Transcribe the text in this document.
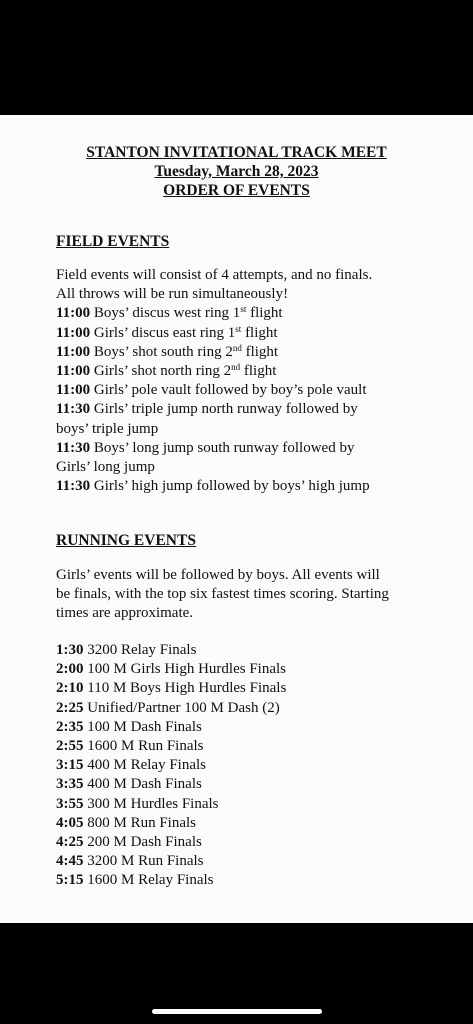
STANTON INVITATIONAL TRACK MEET
Tuesday, March 28, 2023
ORDER OF EVENTS
FIELD EVENTS
Field events will consist of 4 attempts, and no finals.
All throws will be run simultaneously!
11:00 Boys’ discus west ring 1st flight
11:00 Girls’ discus east ring 1st flight
11:00 Boys’ shot south ring 2nd flight
11:00 Girls’ shot north ring 2nd flight
11:00 Girls’ pole vault followed by boy’s pole vault
11:30 Girls’ triple jump north runway followed by
boys’ triple jump
11:30 Boys’ long jump south runway followed by
Girls’ long jump
11:30 Girls’ high jump followed by boys’ high jump
RUNNING EVENTS
Girls’ events will be followed by boys. All events will
be finals, with the top six fastest times scoring. Starting
times are approximate.
1:30 3200 Relay Finals
2:00 100 M Girls High Hurdles Finals
2:10 110 M Boys High Hurdles Finals
2:25 Unified/Partner 100 M Dash (2)
2:35 100 M Dash Finals
2:55 1600 M Run Finals
3:15 400 M Relay Finals
3:35 400 M Dash Finals
3:55 300 M Hurdles Finals
4:05 800 M Run Finals
4:25 200 M Dash Finals
4:45 3200 M Run Finals
5:15 1600 M Relay Finals
